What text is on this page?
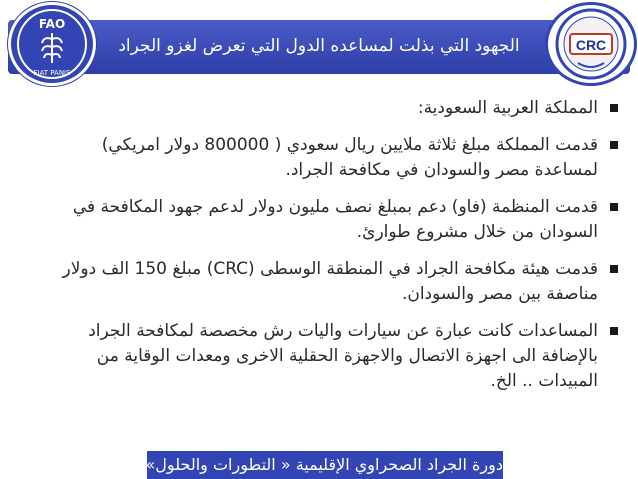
FAO
FIAT PANIS
الجهود التي بذلت لمساعده الدول التي تعرض لغزو الجراد	CRC
المملكة العربية السعودية:
قدمت المملكة مبلغ ثلاثة ملايين ريال سعودي ( 800000 دولار امريكي) لمساعدة مصر والسودان في مكافحة الجراد.
قدمت المنظمة (فاو) دعم بمبلغ نصف مليون دولار لدعم جهود المكافحة في السودان من خلال مشروع طوارئ.
قدمت هيئة مكافحة الجراد في المنطقة الوسطى (CRC) مبلغ 150 الف دولار مناصفة بين مصر والسودان.
المساعدات كانت عبارة عن سيارات واليات رش مخصصة لمكافحة الجراد بالإضافة الى اجهزة الاتصال والاجهزة الحقلية الاخرى ومعدات الوقاية من المبيدات .. الخ.
دورة الجراد الصحراوي الإقليمية « التطورات والحلول»
